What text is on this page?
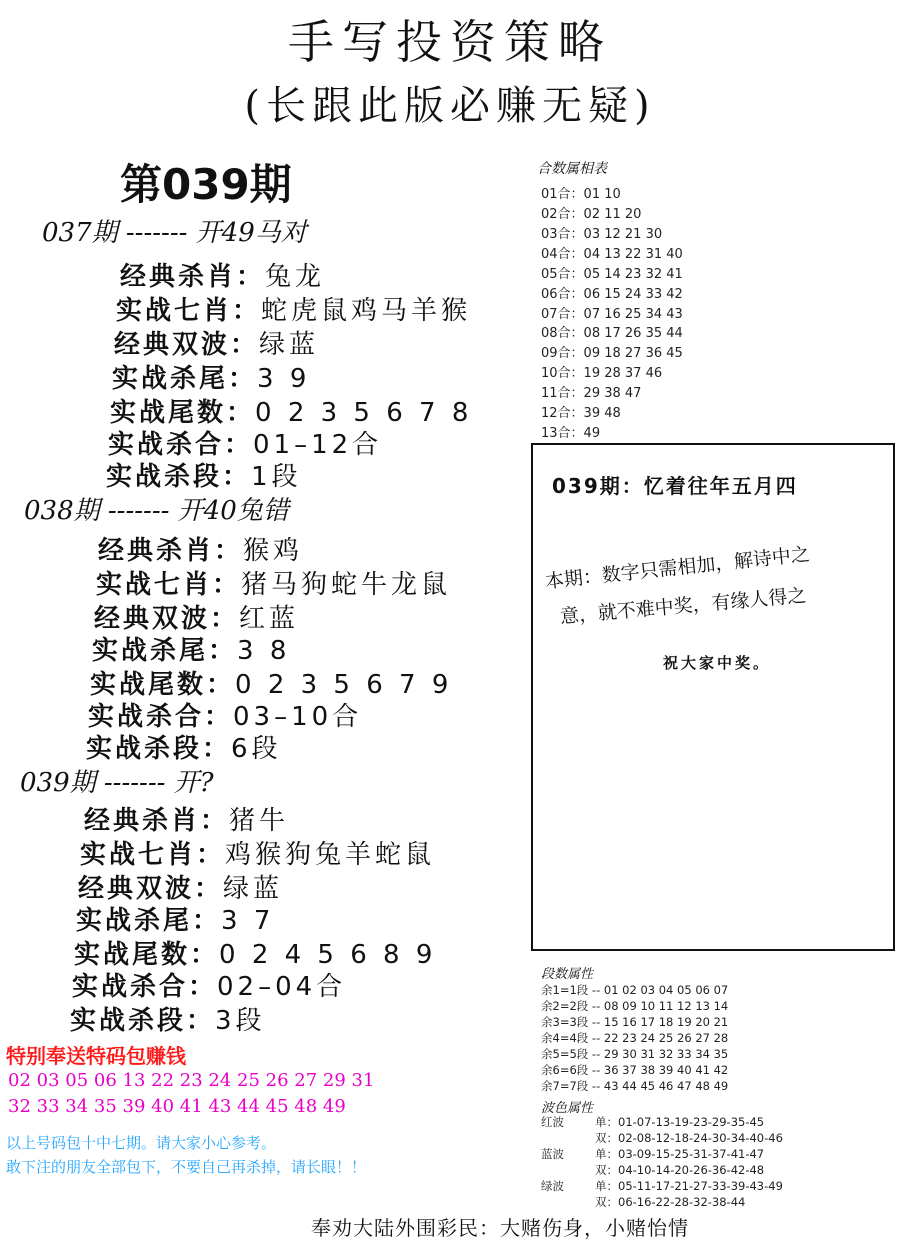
手写投资策略
(长跟此版必赚无疑)
第039期
037期 ------- 开49马对
经典杀肖：兔龙
实战七肖：蛇虎鼠鸡马羊猴
经典双波：绿蓝
实战杀尾：3 9
实战尾数：0 2 3 5 6 7 8
实战杀合：01–12合
实战杀段：1段
038期 ------- 开40兔错
经典杀肖：猴鸡
实战七肖：猪马狗蛇牛龙鼠
经典双波：红蓝
实战杀尾：3 8
实战尾数：0 2 3 5 6 7 9
实战杀合：03–10合
实战杀段：6段
039期 ------- 开?
经典杀肖：猪牛
实战七肖：鸡猴狗兔羊蛇鼠
经典双波：绿蓝
实战杀尾：3 7
实战尾数：0 2 4 5 6 8 9
实战杀合：02–04合
实战杀段：3段
特别奉送特码包赚钱
02 03 05 06 13 22 23 24 25 26 27 29 31
32 33 34 35 39 40 41 43 44 45 48 49
以上号码包十中七期。请大家小心参考。
敢下注的朋友全部包下，不要自己再杀掉，请长眼！！
奉劝大陆外围彩民：大赌伤身，小赌怡情
合数属相表
01合：01 10
02合：02 11 20
03合：03 12 21 30
04合：04 13 22 31 40
05合：05 14 23 32 41
06合：06 15 24 33 42
07合：07 16 25 34 43
08合：08 17 26 35 44
09合：09 18 27 36 45
10合：19 28 37 46
11合：29 38 47
12合：39 48
13合：49
039期：忆着往年五月四
本期：数字只需相加，解诗中之
意，就不难中奖，有缘人得之
祝大家中奖。
段数属性
余1=1段 -- 01 02 03 04 05 06 07
余2=2段 -- 08 09 10 11 12 13 14
余3=3段 -- 15 16 17 18 19 20 21
余4=4段 -- 22 23 24 25 26 27 28
余5=5段 -- 29 30 31 32 33 34 35
余6=6段 -- 36 37 38 39 40 41 42
余7=7段 -- 43 44 45 46 47 48 49
波色属性
红波	单：01-07-13-19-23-29-35-45
双：02-08-12-18-24-30-34-40-46
蓝波	单：03-09-15-25-31-37-41-47
双：04-10-14-20-26-36-42-48
绿波	单：05-11-17-21-27-33-39-43-49
双：06-16-22-28-32-38-44
